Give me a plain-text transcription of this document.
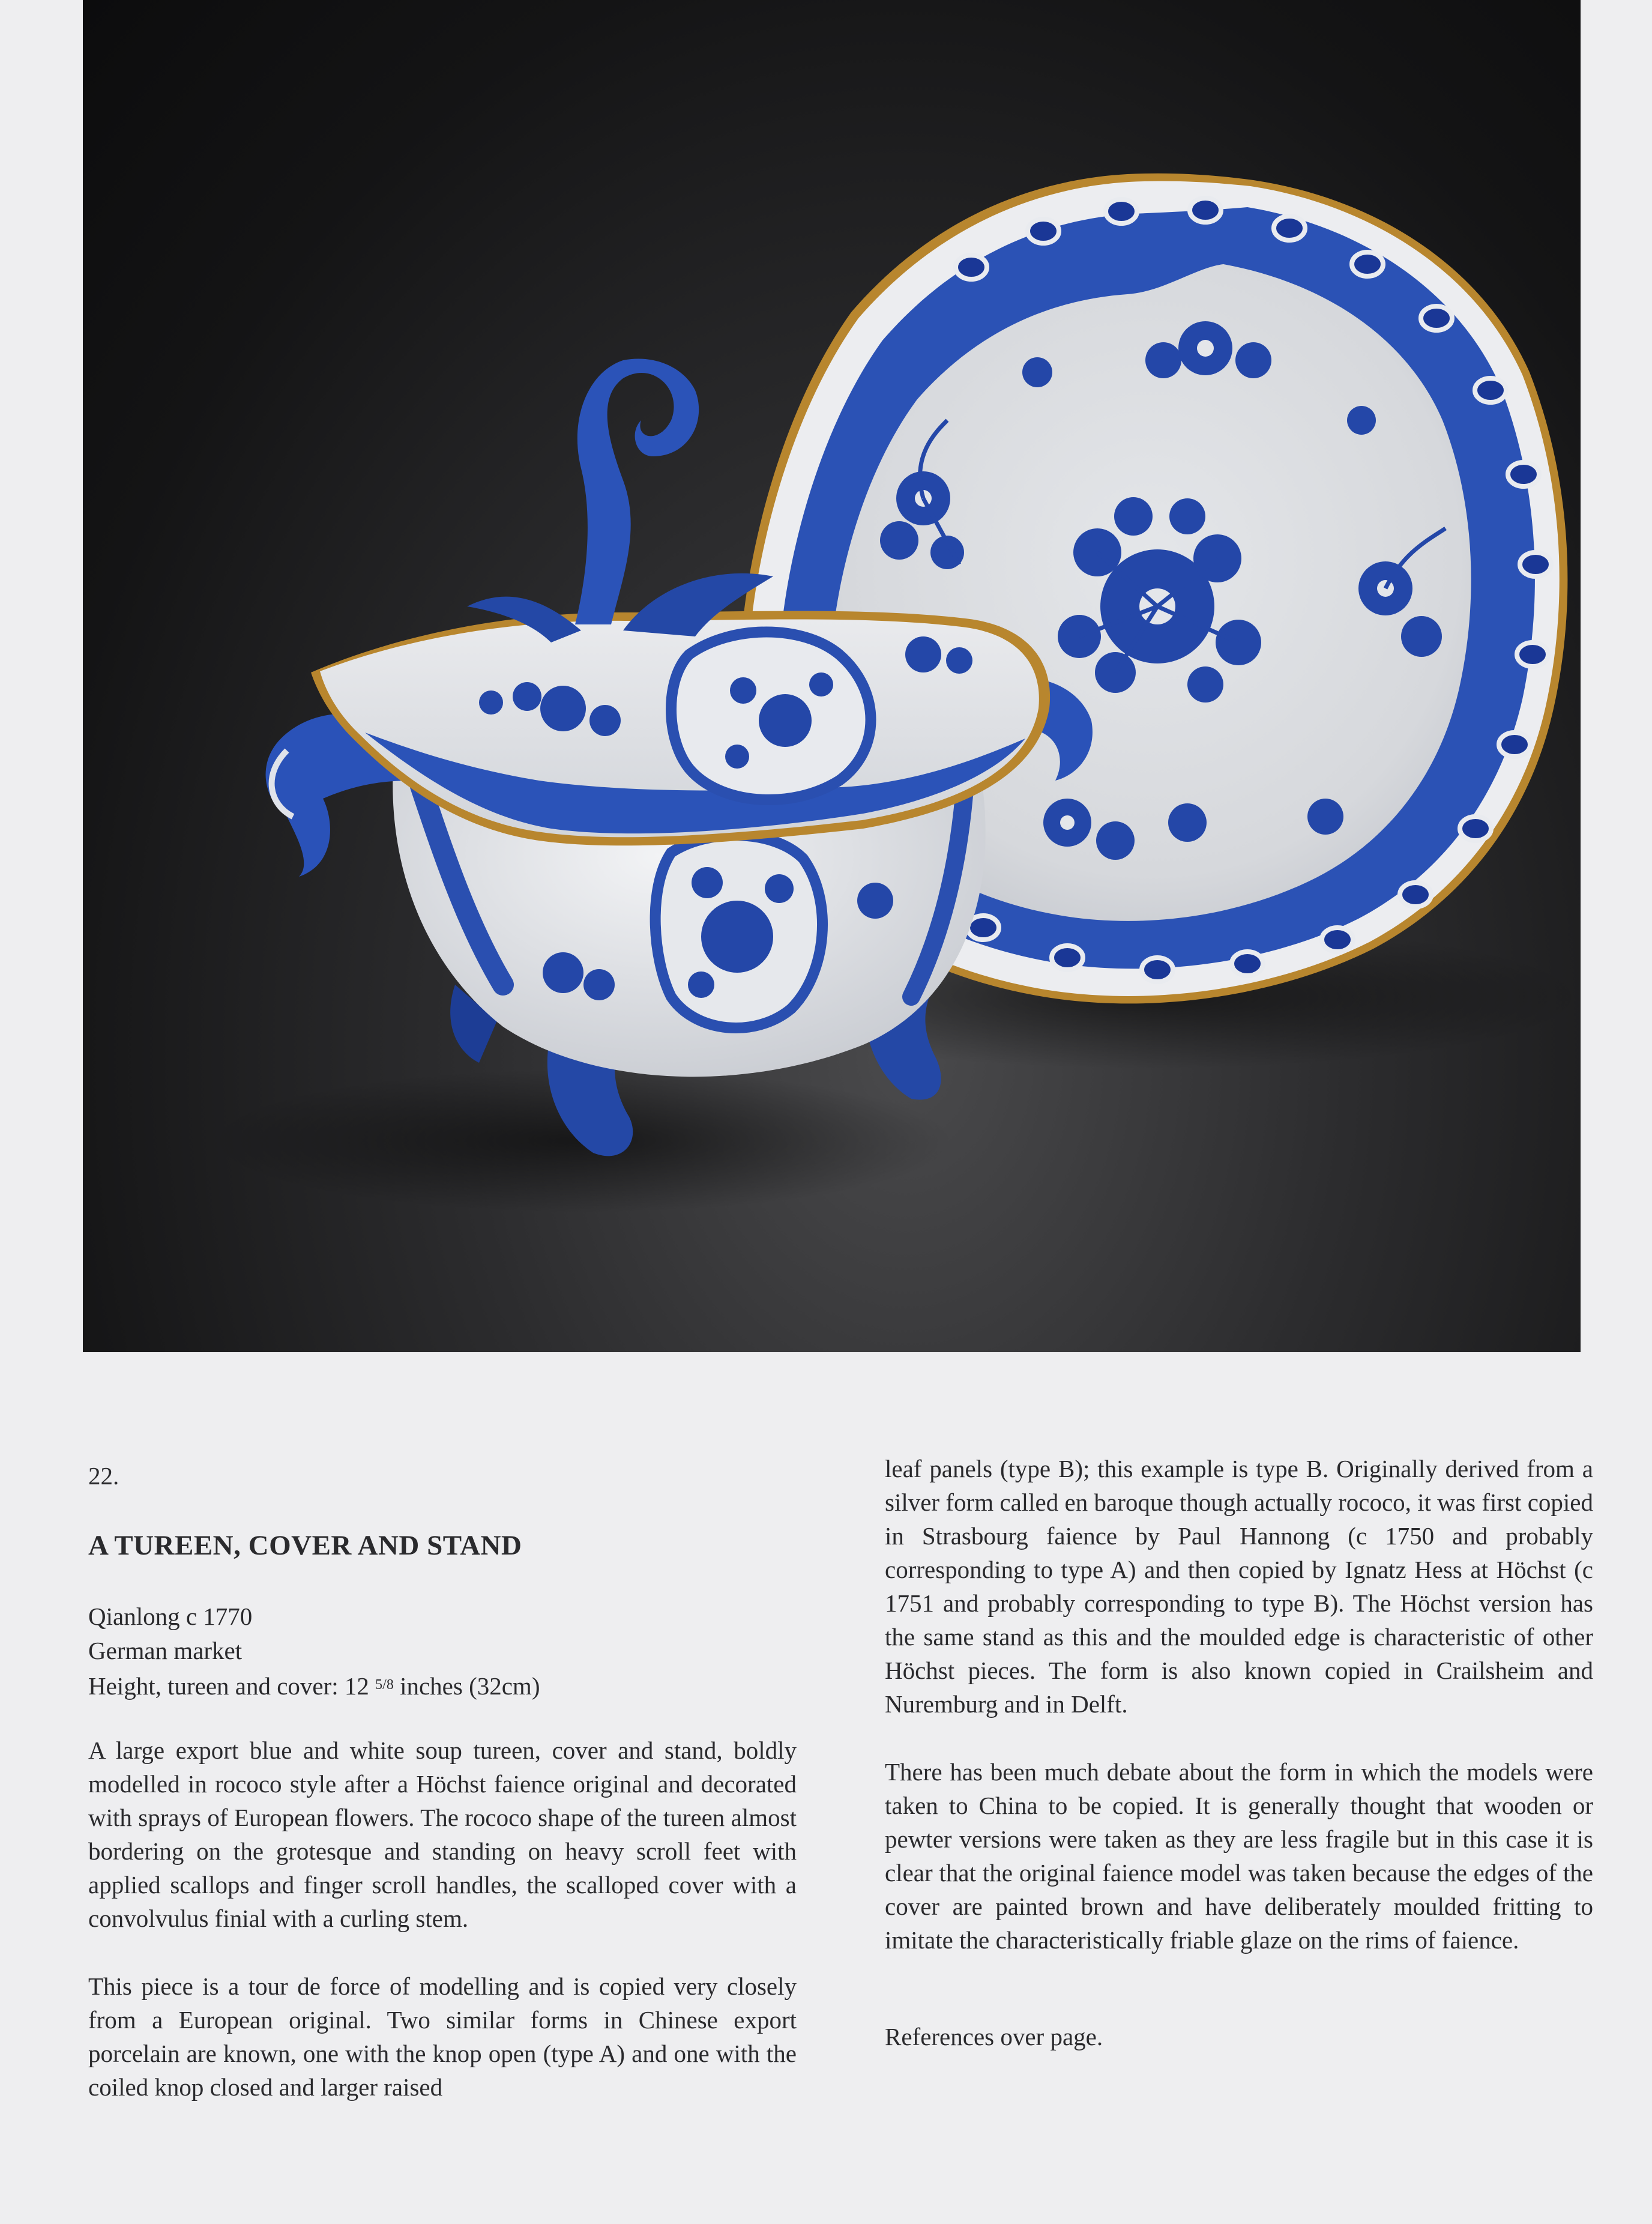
22.
A TUREEN, COVER AND STAND
Qianlong c 1770
German market
Height, tureen and cover: 12 $^{5/8}$ inches (32cm)

A large export blue and white soup tureen, cover and stand, boldly modelled in rococo style after a Höchst faience original and decorated with sprays of European flowers. The rococo shape of the tureen almost bordering on the grotesque and standing on heavy scroll feet with applied scallops and finger scroll handles, the scalloped cover with a convolvulus finial with a curling stem.

This piece is a tour de force of modelling and is copied very closely from a European original. Two similar forms in Chinese export porcelain are known, one with the knop open (type A) and one with the coiled knop closed and larger raised

leaf panels (type B); this example is type B. Originally derived from a silver form called en baroque though actually rococo, it was first copied in Strasbourg faience by Paul Hannong (c 1750 and probably corresponding to type A) and then copied by Ignatz Hess at Höchst (c 1751 and probably corresponding to type B). The Höchst version has the same stand as this and the moulded edge is characteristic of other Höchst pieces. The form is also known copied in Crailsheim and Nuremburg and in Delft.

There has been much debate about the form in which the models were taken to China to be copied. It is generally thought that wooden or pewter versions were taken as they are less fragile but in this case it is clear that the original faience model was taken because the edges of the cover are painted brown and have deliberately moulded fritting to imitate the characteristically friable glaze on the rims of faience.

References over page.
